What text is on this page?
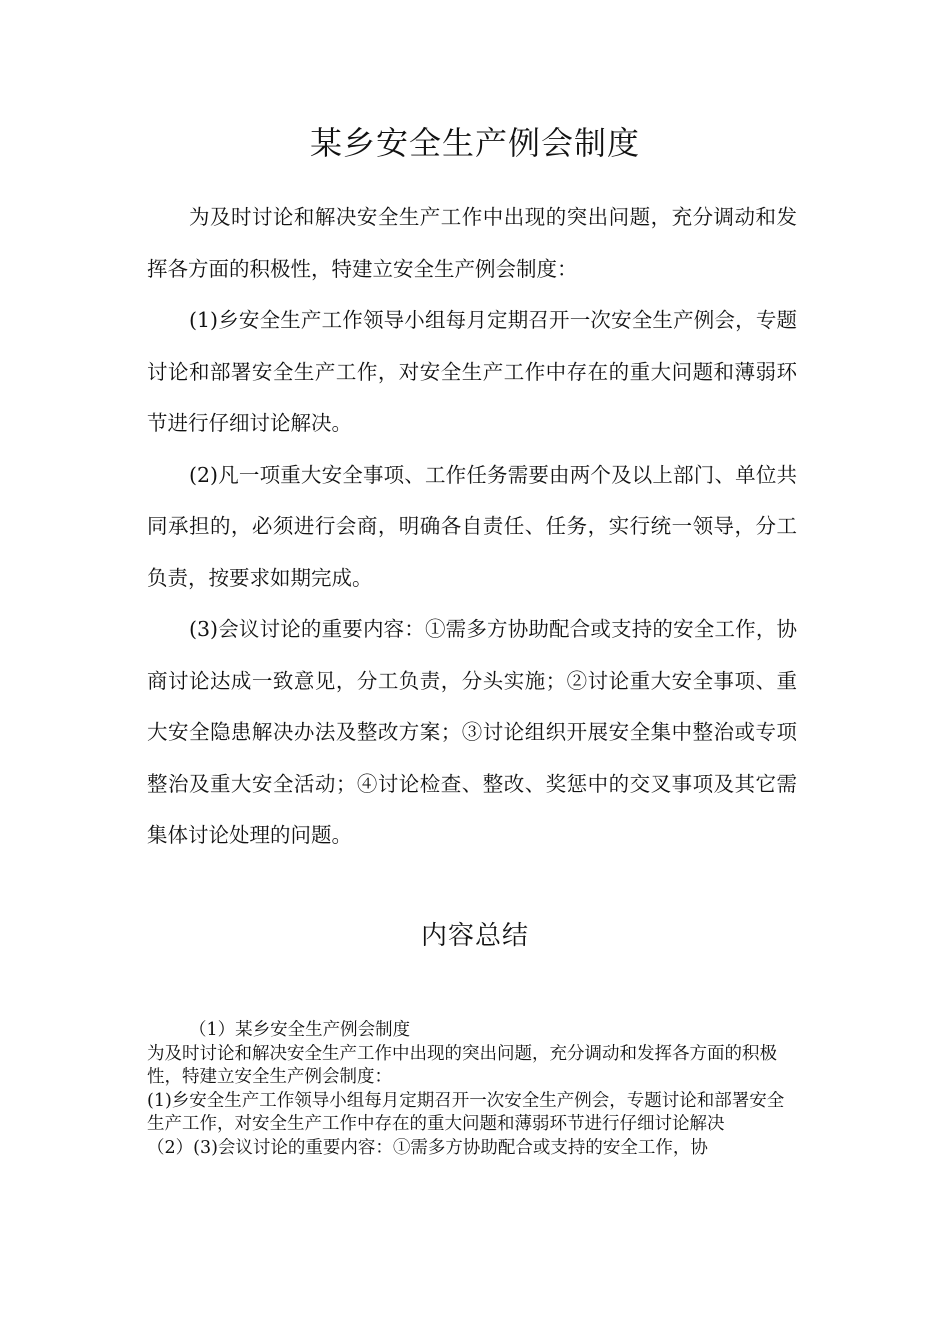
某乡安全生产例会制度

为及时讨论和解决安全生产工作中出现的突出问题，充分调动和发挥各方面的积极性，特建立安全生产例会制度：

(1)乡安全生产工作领导小组每月定期召开一次安全生产例会，专题讨论和部署安全生产工作，对安全生产工作中存在的重大问题和薄弱环节进行仔细讨论解决。

(2)凡一项重大安全事项、工作任务需要由两个及以上部门、单位共同承担的，必须进行会商，明确各自责任、任务，实行统一领导，分工负责，按要求如期完成。

(3)会议讨论的重要内容：①需多方协助配合或支持的安全工作，协商讨论达成一致意见，分工负责，分头实施；②讨论重大安全事项、重大安全隐患解决办法及整改方案；③讨论组织开展安全集中整治或专项整治及重大安全活动；④讨论检查、整改、奖惩中的交叉事项及其它需集体讨论处理的问题。

内容总结

（1）某乡安全生产例会制度

为及时讨论和解决安全生产工作中出现的突出问题，充分调动和发挥各方面的积极性，特建立安全生产例会制度：

(1)乡安全生产工作领导小组每月定期召开一次安全生产例会，专题讨论和部署安全生产工作，对安全生产工作中存在的重大问题和薄弱环节进行仔细讨论解决

（2）(3)会议讨论的重要内容：①需多方协助配合或支持的安全工作，协
